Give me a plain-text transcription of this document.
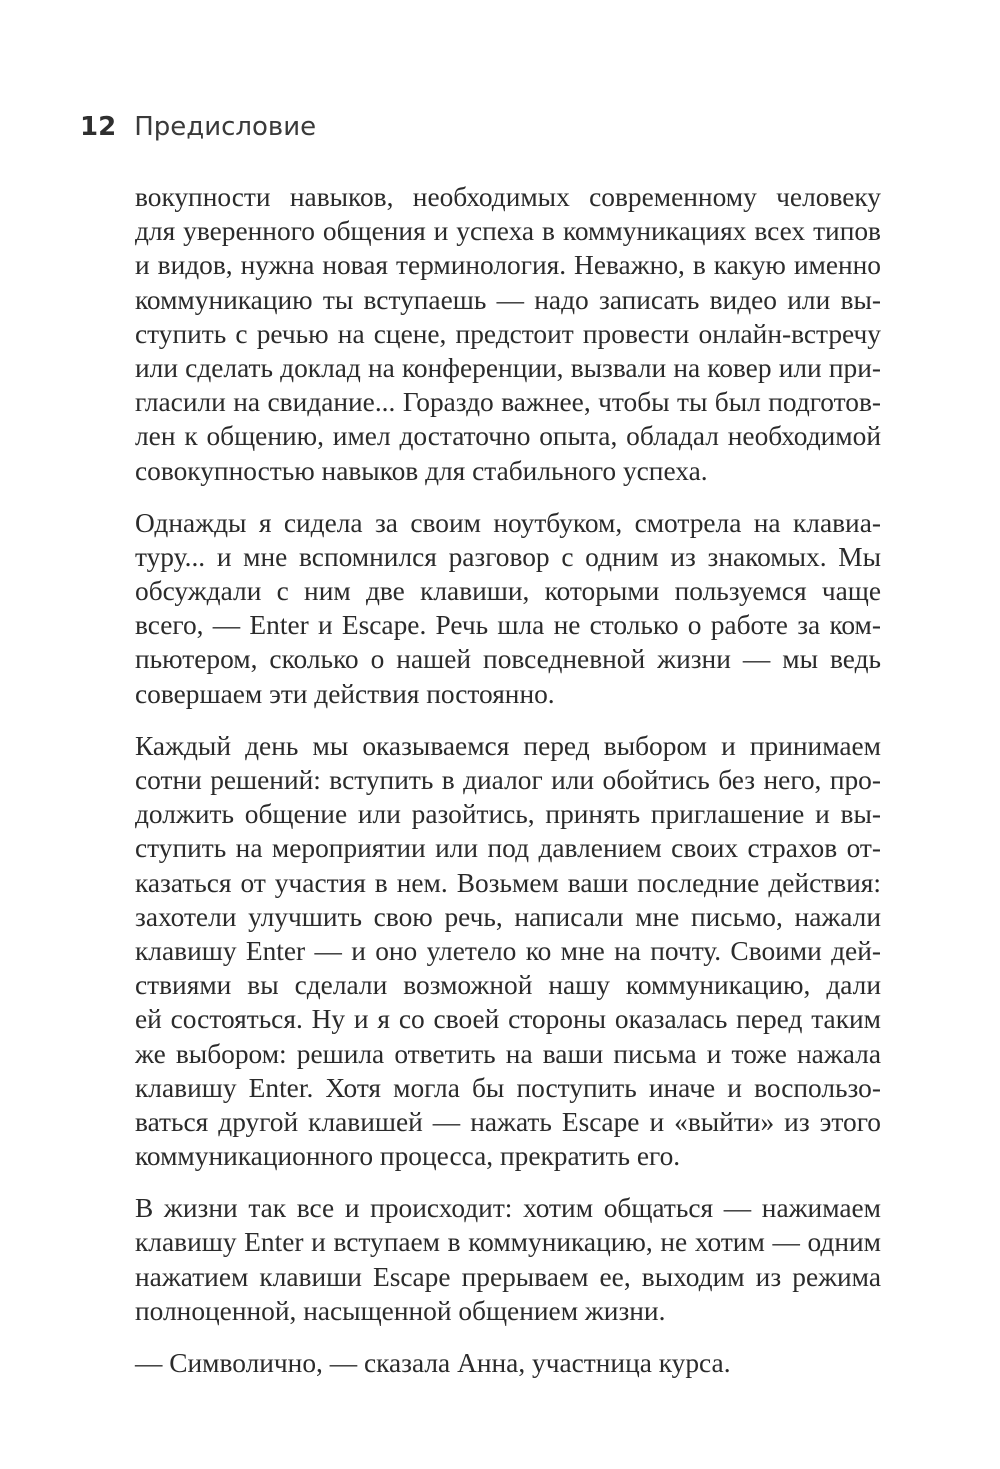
12 Предисловие
вокупности навыков, необходимых современному человеку
для уверенного общения и успеха в коммуникациях всех типов
и видов, нужна новая терминология. Неважно, в какую именно
коммуникацию ты вступаешь — надо записать видео или вы-
ступить с речью на сцене, предстоит провести онлайн-встречу
или сделать доклад на конференции, вызвали на ковер или при-
гласили на свидание... Гораздо важнее, чтобы ты был подготов-
лен к общению, имел достаточно опыта, обладал необходимой
совокупностью навыков для стабильного успеха.
Однажды я сидела за своим ноутбуком, смотрела на клавиа-
туру... и мне вспомнился разговор с одним из знакомых. Мы
обсуждали с ним две клавиши, которыми пользуемся чаще
всего, — Enter и Escape. Речь шла не столько о работе за ком-
пьютером, сколько о нашей повседневной жизни — мы ведь
совершаем эти действия постоянно.
Каждый день мы оказываемся перед выбором и принимаем
сотни решений: вступить в диалог или обойтись без него, про-
должить общение или разойтись, принять приглашение и вы-
ступить на мероприятии или под давлением своих страхов от-
казаться от участия в нем. Возьмем ваши последние действия:
захотели улучшить свою речь, написали мне письмо, нажали
клавишу Enter — и оно улетело ко мне на почту. Своими дей-
ствиями вы сделали возможной нашу коммуникацию, дали
ей состояться. Ну и я со своей стороны оказалась перед таким
же выбором: решила ответить на ваши письма и тоже нажала
клавишу Enter. Хотя могла бы поступить иначе и воспользо-
ваться другой клавишей — нажать Escape и «выйти» из этого
коммуникационного процесса, прекратить его.
В жизни так все и происходит: хотим общаться — нажимаем
клавишу Enter и вступаем в коммуникацию, не хотим — одним
нажатием клавиши Escape прерываем ее, выходим из режима
полноценной, насыщенной общением жизни.
— Символично, — сказала Анна, участница курса.
